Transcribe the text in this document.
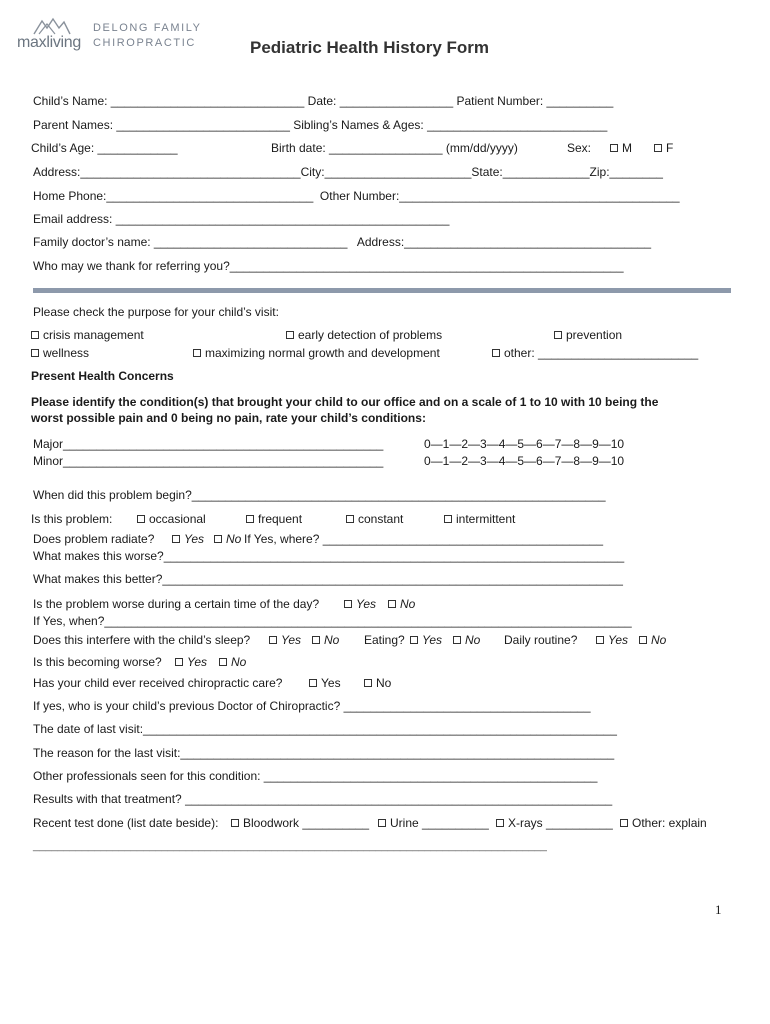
maxliving
DELONG FAMILY
CHIROPRACTIC	Pediatric Health History Form
Child’s Name: _____________________________ Date: _________________ Patient Number: __________
Parent Names: __________________________ Sibling’s Names & Ages: ___________________________
Child’s Age: ____________	Birth date: _________________ (mm/dd/yyyy)	Sex:	M	F
Address:_________________________________City:______________________State:_____________Zip:________
Home Phone:_______________________________  Other Number:__________________________________________
Email address: __________________________________________________
Family doctor’s name: _____________________________   Address:_____________________________________
Who may we thank for referring you?___________________________________________________________
Please check the purpose for your child’s visit:
crisis management	early detection of problems	prevention
wellness	maximizing normal growth and development	other: ________________________
Present Health Concerns
Please identify the condition(s) that brought your child to our office and on a scale of 1 to 10 with 10 being the
worst possible pain and 0 being no pain, rate your child’s conditions:
Major________________________________________________	0—1—2—3—4—5—6—7—8—9—10
Minor________________________________________________	0—1—2—3—4—5—6—7—8—9—10
When did this problem begin?______________________________________________________________
Is this problem:	occasional	frequent	constant	intermittent
Does problem radiate?	Yes	No If Yes, where? __________________________________________
What makes this worse?_____________________________________________________________________
What makes this better?_____________________________________________________________________
Is the problem worse during a certain time of the day?	Yes	No
If Yes, when?_______________________________________________________________________________
Does this interfere with the child’s sleep?	Yes	No Eating?	Yes	No Daily routine?	Yes	No
Is this becoming worse?	Yes	No
Has your child ever received chiropractic care?	Yes	No
If yes, who is your child’s previous Doctor of Chiropractic? _____________________________________
The date of last visit:_______________________________________________________________________
The reason for the last visit:_________________________________________________________________
Other professionals seen for this condition: __________________________________________________
Results with that treatment? ________________________________________________________________
Recent test done (list date beside):	Bloodwork __________	Urine __________	X-rays __________	Other: explain
____________________________________________________________________________________
1
